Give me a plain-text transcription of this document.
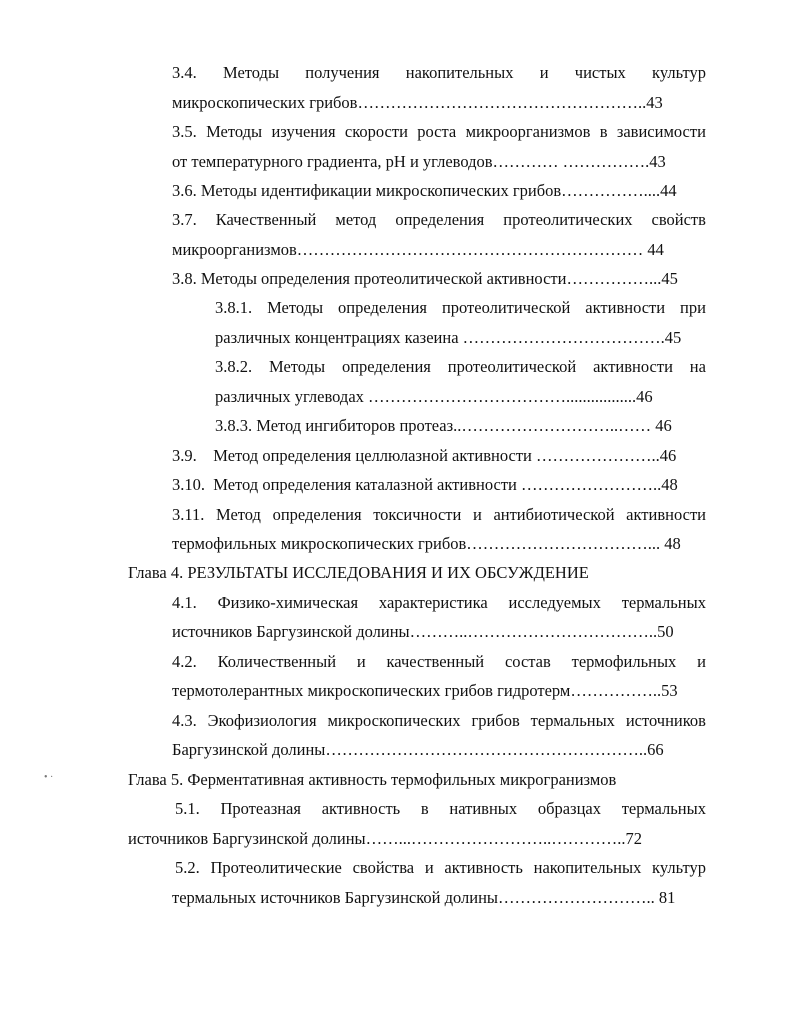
3.4. Методы получения накопительных и чистых культур
микроскопических грибов……………………………………………..43
3.5. Методы изучения скорости роста микроорганизмов в зависимости
от температурного градиента, рН и углеводов………… …………….43
3.6. Методы идентификации микроскопических грибов……………....44
3.7. Качественный метод определения протеолитических свойств
микроорганизмов……………………………………………………… 44
3.8. Методы определения протеолитической активности……………...45
3.8.1. Методы определения протеолитической активности при
различных концентрациях казеина ……………………………….45
3.8.2. Методы определения протеолитической активности на
различных углеводах ……………………………….................46
3.8.3. Метод ингибиторов протеаз..………………………..…… 46
3.9.    Метод определения целлюлазной активности …………………..46
3.10.  Метод определения каталазной активности ……………………..48
3.11. Метод определения токсичности и антибиотической активности
термофильных микроскопических грибов……………………………... 48
Глава 4. РЕЗУЛЬТАТЫ ИССЛЕДОВАНИЯ И ИХ ОБСУЖДЕНИЕ
4.1. Физико-химическая характеристика исследуемых термальных
источников Баргузинской долины………..……………………………..50
4.2. Количественный и качественный состав термофильных и
термотолерантных микроскопических грибов гидротерм……………..53
4.3. Экофизиология микроскопических грибов термальных источников
Баргузинской долины…………………………………………………..66
• ·	Глава 5. Ферментативная активность термофильных микрогранизмов
5.1. Протеазная активность в нативных образцах термальных
источников Баргузинской долины……...……………………..…………..72
5.2. Протеолитические свойства и активность накопительных культур
термальных источников Баргузинской долины……………………….. 81
